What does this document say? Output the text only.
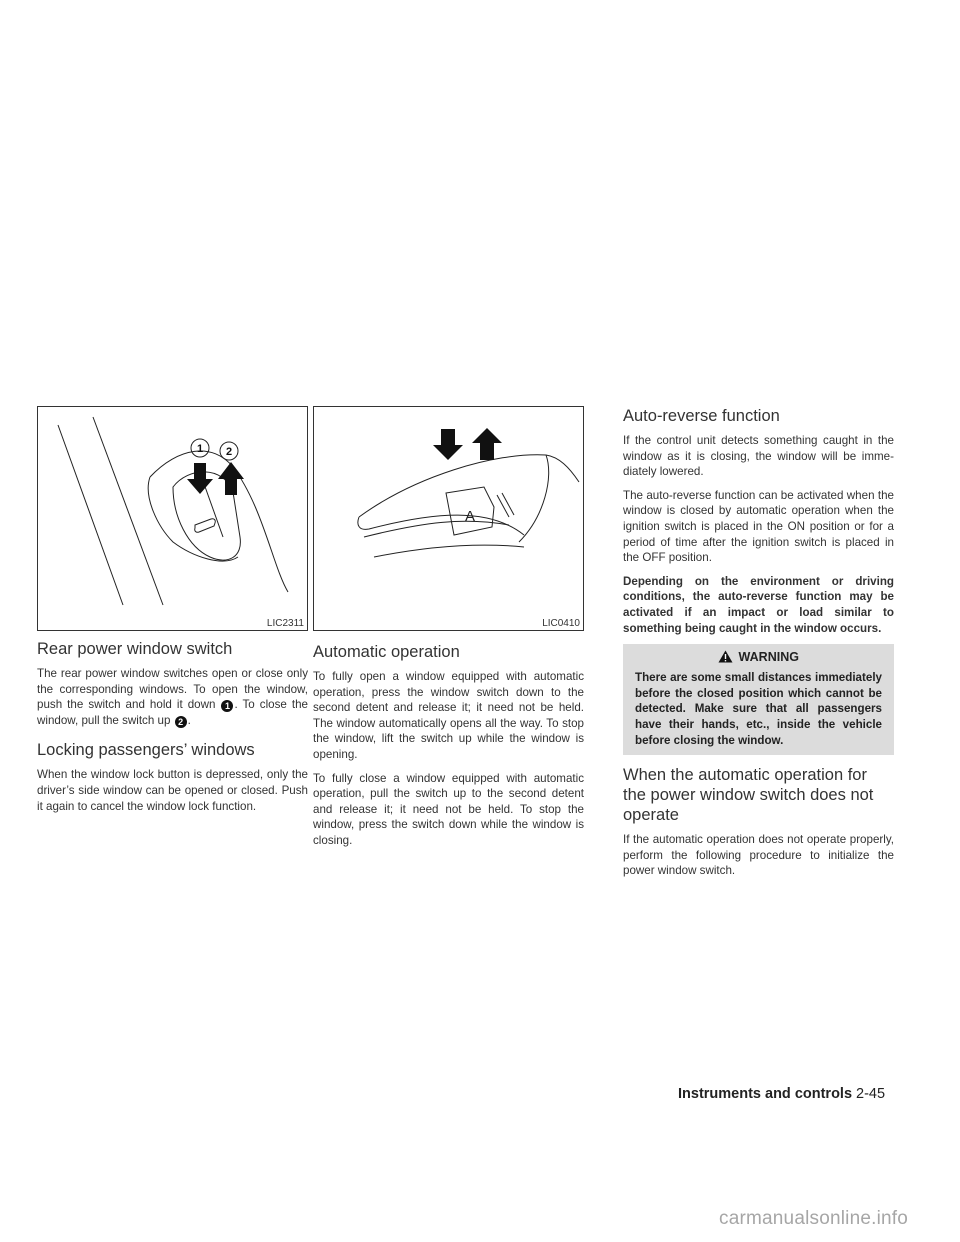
1 2
LIC2311
Rear power window switch

The rear power window switches open or close only the corresponding windows. To open the window, push the switch and hold it down 1 . To close the window, pull the switch up 2 .

Locking passengers’ windows

When the window lock button is depressed, only the driver’s side window can be opened or closed. Push it again to cancel the window lock function.

A
LIC0410
Automatic operation

To fully open a window equipped with automatic operation, press the window switch down to the second detent and release it; it need not be held. The window automatically opens all the way. To stop the window, lift the switch up while the window is opening.

To fully close a window equipped with automatic operation, pull the switch up to the second detent and release it; it need not be held. To stop the window, press the switch down while the window is closing.

Auto-reverse function

If the control unit detects something caught in the window as it is closing, the window will be immediately lowered.

The auto-reverse function can be activated when the window is closed by automatic operation when the ignition switch is placed in the ON position or for a period of time after the ignition switch is placed in the OFF position.

Depending on the environment or driving conditions, the auto-reverse function may be activated if an impact or load similar to something being caught in the window occurs.

WARNING

There are some small distances immediately before the closed position which cannot be detected. Make sure that all passengers have their hands, etc., inside the vehicle before closing the window.

When the automatic operation for the power window switch does not operate

If the automatic operation does not operate properly, perform the following procedure to initialize the power window switch.

Instruments and controls 2-45
carmanualsonline.info
